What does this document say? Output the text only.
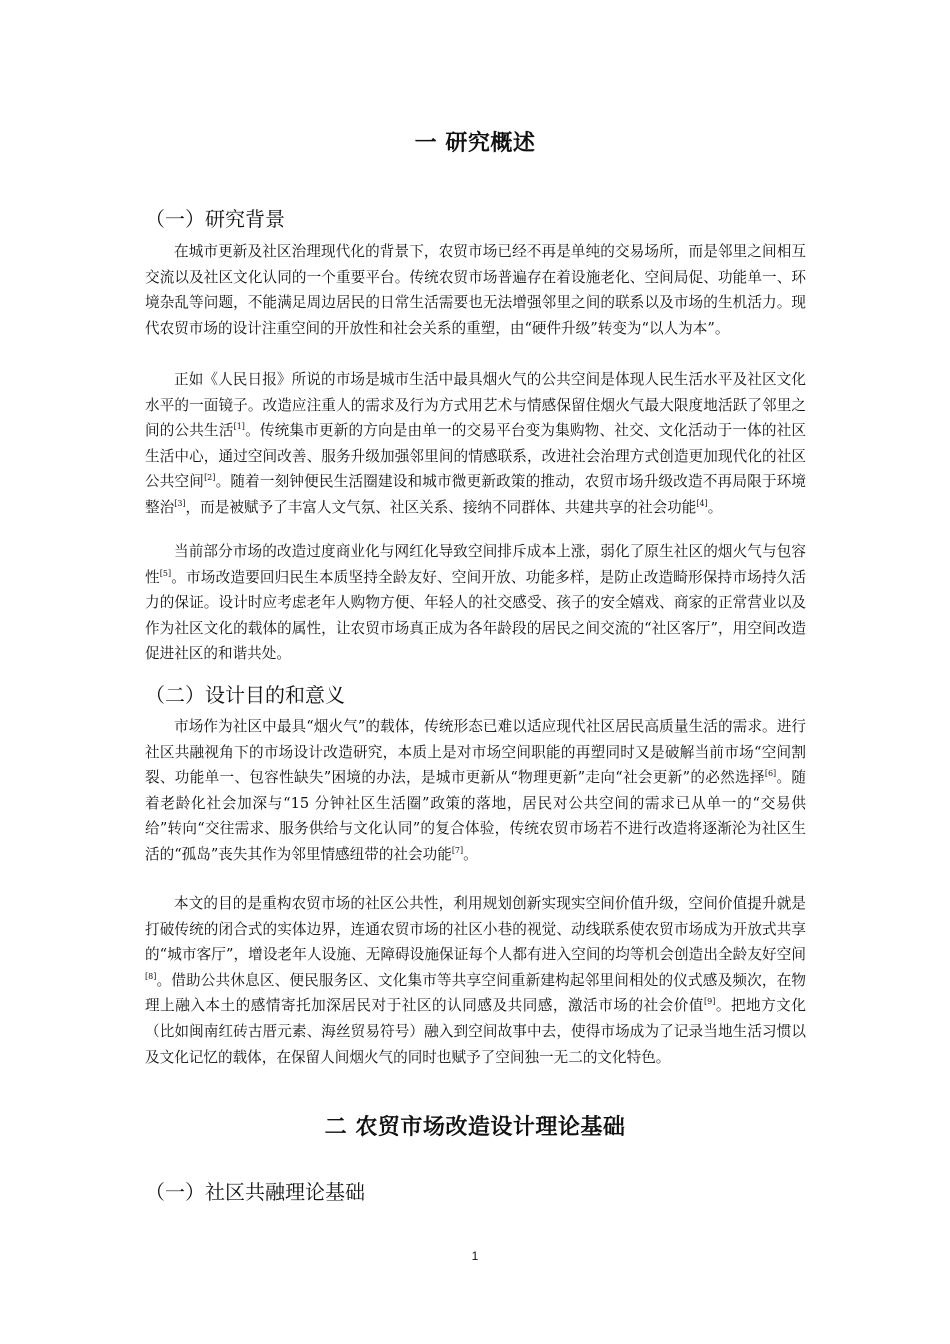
一 研究概述
（一）研究背景

在城市更新及社区治理现代化的背景下，农贸市场已经不再是单纯的交易场所，而是邻里之间相互交流以及社区文化认同的一个重要平台。传统农贸市场普遍存在着设施老化、空间局促、功能单一、环境杂乱等问题，不能满足周边居民的日常生活需要也无法增强邻里之间的联系以及市场的生机活力。现代农贸市场的设计注重空间的开放性和社会关系的重塑，由“硬件升级”转变为“以人为本”。

正如《人民日报》所说的市场是城市生活中最具烟火气的公共空间是体现人民生活水平及社区文化水平的一面镜子。改造应注重人的需求及行为方式用艺术与情感保留住烟火气最大限度地活跃了邻里之间的公共生活[1]。传统集市更新的方向是由单一的交易平台变为集购物、社交、文化活动于一体的社区生活中心，通过空间改善、服务升级加强邻里间的情感联系，改进社会治理方式创造更加现代化的社区公共空间[2]。随着一刻钟便民生活圈建设和城市微更新政策的推动，农贸市场升级改造不再局限于环境整治[3]，而是被赋予了丰富人文气氛、社区关系、接纳不同群体、共建共享的社会功能[4]。

当前部分市场的改造过度商业化与网红化导致空间排斥成本上涨，弱化了原生社区的烟火气与包容性[5]。市场改造要回归民生本质坚持全龄友好、空间开放、功能多样，是防止改造畸形保持市场持久活力的保证。设计时应考虑老年人购物方便、年轻人的社交感受、孩子的安全嬉戏、商家的正常营业以及作为社区文化的载体的属性，让农贸市场真正成为各年龄段的居民之间交流的“社区客厅”，用空间改造促进社区的和谐共处。

（二）设计目的和意义

市场作为社区中最具“烟火气”的载体，传统形态已难以适应现代社区居民高质量生活的需求。进行社区共融视角下的市场设计改造研究，本质上是对市场空间职能的再塑同时又是破解当前市场“空间割裂、功能单一、包容性缺失”困境的办法，是城市更新从“物理更新”走向“社会更新”的必然选择[6]。随着老龄化社会加深与“15 分钟社区生活圈”政策的落地，居民对公共空间的需求已从单一的“交易供给”转向“交往需求、服务供给与文化认同”的复合体验，传统农贸市场若不进行改造将逐渐沦为社区生活的“孤岛”丧失其作为邻里情感纽带的社会功能[7]。

本文的目的是重构农贸市场的社区公共性，利用规划创新实现实空间价值升级，空间价值提升就是打破传统的闭合式的实体边界，连通农贸市场的社区小巷的视觉、动线联系使农贸市场成为开放式共享的“城市客厅”，增设老年人设施、无障碍设施保证每个人都有进入空间的均等机会创造出全龄友好空间[8]。借助公共休息区、便民服务区、文化集市等共享空间重新建构起邻里间相处的仪式感及频次，在物理上融入本土的感情寄托加深居民对于社区的认同感及共同感，激活市场的社会价值[9]。把地方文化（比如闽南红砖古厝元素、海丝贸易符号）融入到空间故事中去，使得市场成为了记录当地生活习惯以及文化记忆的载体，在保留人间烟火气的同时也赋予了空间独一无二的文化特色。

二 农贸市场改造设计理论基础
（一）社区共融理论基础
1
